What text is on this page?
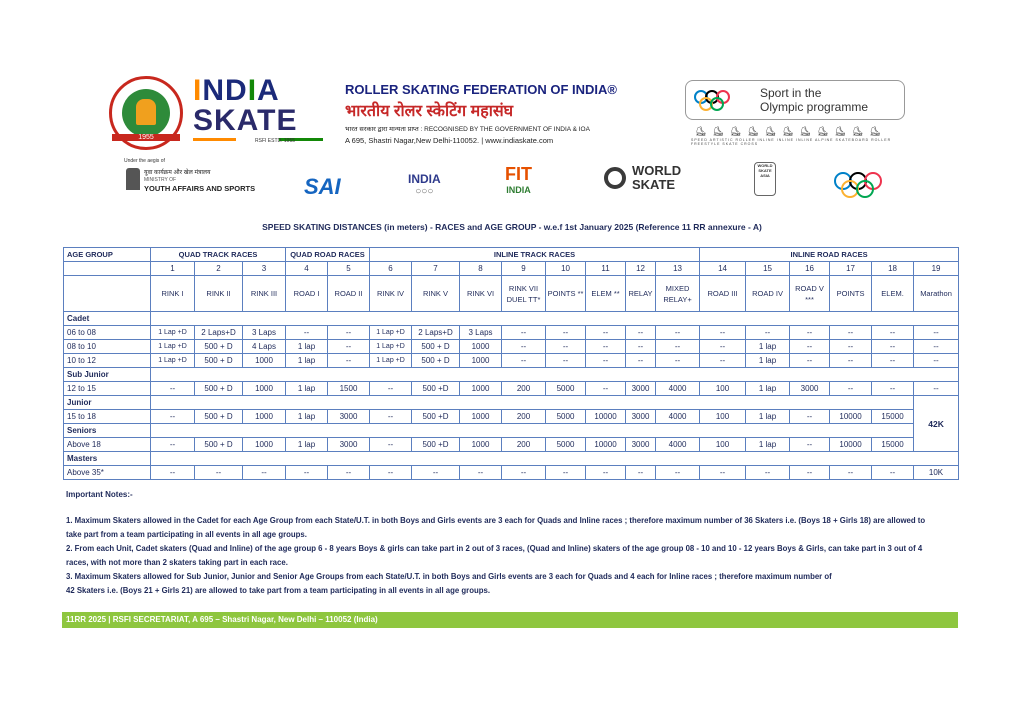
1955
INDIA
SKATE
RSFI ESTD. 1955
ROLLER SKATING FEDERATION OF INDIA®
भारतीय रोलर स्केटिंग महासंघ
भारत सरकार द्वारा मान्यता प्राप्त : RECOGNISED BY THE GOVERNMENT OF INDIA & IOA
A 695, Shastri Nagar,New Delhi-110052. | www.indiaskate.com
Sport in the
Olympic programme
⛸⛸⛸⛸⛸⛸⛸⛸⛸⛸⛸
SPEED ARTISTIC ROLLER INLINE INLINE INLINE ALPINE SKATEBOARD ROLLER FREESTYLE SKATE CROSS
Under the aegis of
युवा कार्यक्रम और खेल मंत्रालय
MINISTRY OF
YOUTH AFFAIRS AND SPORTS SAI	INDIA
○○○
FIT
INDIA
WORLD
SKATE
WORLD SKATE ASIA
SPEED SKATING DISTANCES (in meters) - RACES and AGE GROUP - w.e.f 1st January 2025 (Reference 11 RR annexure - A)
AGE GROUP	QUAD TRACK RACES			QUAD ROAD RACES		INLINE TRACK RACES								INLINE ROAD RACES					
	1	2	3	4	5	6	7	8	9	10	11	12	13	14	15	16	17	18	19
	RINK I	RINK II	RINK III	ROAD I	ROAD II	RINK IV	RINK V	RINK VI	RINK VII DUEL TT*	POINTS **	ELEM **	RELAY	MIXED RELAY+	ROAD III	ROAD IV	ROAD V ***	POINTS	ELEM.	Marathon
Cadet																			
06 to 08	1 Lap +D	2 Laps+D	3 Laps	--	--	1 Lap +D	2 Laps+D	3 Laps	--	--	--	--	--	--	--	--	--	--	--
08 to 10	1 Lap +D	500 + D	4 Laps	1 lap	--	1 Lap +D	500 + D	1000	--	--	--	--	--	--	1 lap	--	--	--	--
10 to 12	1 Lap +D	500 + D	1000	1 lap	--	1 Lap +D	500 + D	1000	--	--	--	--	--	--	1 lap	--	--	--	--
Sub Junior																			
12 to 15	--	500 + D	1000	1 lap	1500	--	500 +D	1000	200	5000	--	3000	4000	100	1 lap	3000	--	--	--
Junior																			42K
15 to 18	--	500 + D	1000	1 lap	3000	--	500 +D	1000	200	5000	10000	3000	4000	100	1 lap	--	10000	15000	
Seniors																			
Above 18	--	500 + D	1000	1 lap	3000	--	500 +D	1000	200	5000	10000	3000	4000	100	1 lap	--	10000	15000	
Masters																			
Above 35*	--	--	--	--	--	--	--	--	--	--	--	--	--	--	--	--	--	--	10K
Important Notes:-
1. Maximum Skaters allowed in the Cadet for each Age Group from each State/U.T. in both Boys and Girls events are 3 each for Quads and Inline races ; therefore maximum number of 36 Skaters i.e. (Boys 18 + Girls 18) are allowed to
take part from a team participating in all events in all age groups.
2. From each Unit, Cadet skaters (Quad and Inline) of the age group 6 - 8 years Boys & girls can take part in 2 out of 3 races, (Quad and Inline) skaters of the age group 08 - 10 and 10 - 12 years Boys & Girls, can take part in 3 out of 4
races, with not more than 2 skaters taking part in each race.
3. Maximum Skaters allowed for Sub Junior, Junior and Senior Age Groups from each State/U.T. in both Boys and Girls events are 3 each for Quads and 4 each for Inline races ; therefore maximum number of
42 Skaters i.e. (Boys 21 + Girls 21) are allowed to take part from a team participating in all events in all age groups.
11RR 2025 | RSFI SECRETARIAT, A 695 – Shastri Nagar, New Delhi – 110052 (India)
